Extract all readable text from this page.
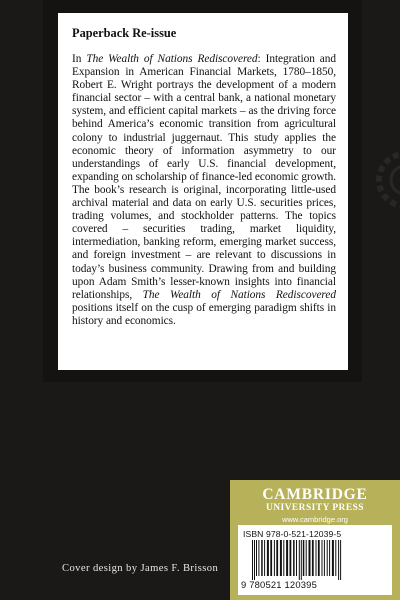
Paperback Re-issue

In The Wealth of Nations Rediscovered: Integration and Expansion in American Financial Markets, 1780–1850, Robert E. Wright portrays the development of a modern financial sector – with a central bank, a national monetary system, and efficient capital markets – as the driving force behind America’s economic transition from agricultural colony to industrial juggernaut. This study applies the economic theory of information asymmetry to our understandings of early U.S. financial development, expanding on scholarship of finance-led economic growth. The book’s research is original, incorporating little-used archival material and data on early U.S. securities prices, trading volumes, and stockholder patterns. The topics covered – securities trading, market liquidity, intermediation, banking reform, emerging market success, and foreign investment – are relevant to discussions in today’s business community. Drawing from and building upon Adam Smith’s lesser-known insights into financial relationships, The Wealth of Nations Rediscovered positions itself on the cusp of emerging paradigm shifts in history and economics.

Cover design by James F. Brisson
CAMBRIDGE
UNIVERSITY PRESS
www.cambridge.org
ISBN 978-0-521-12039-5
9 780521 120395
